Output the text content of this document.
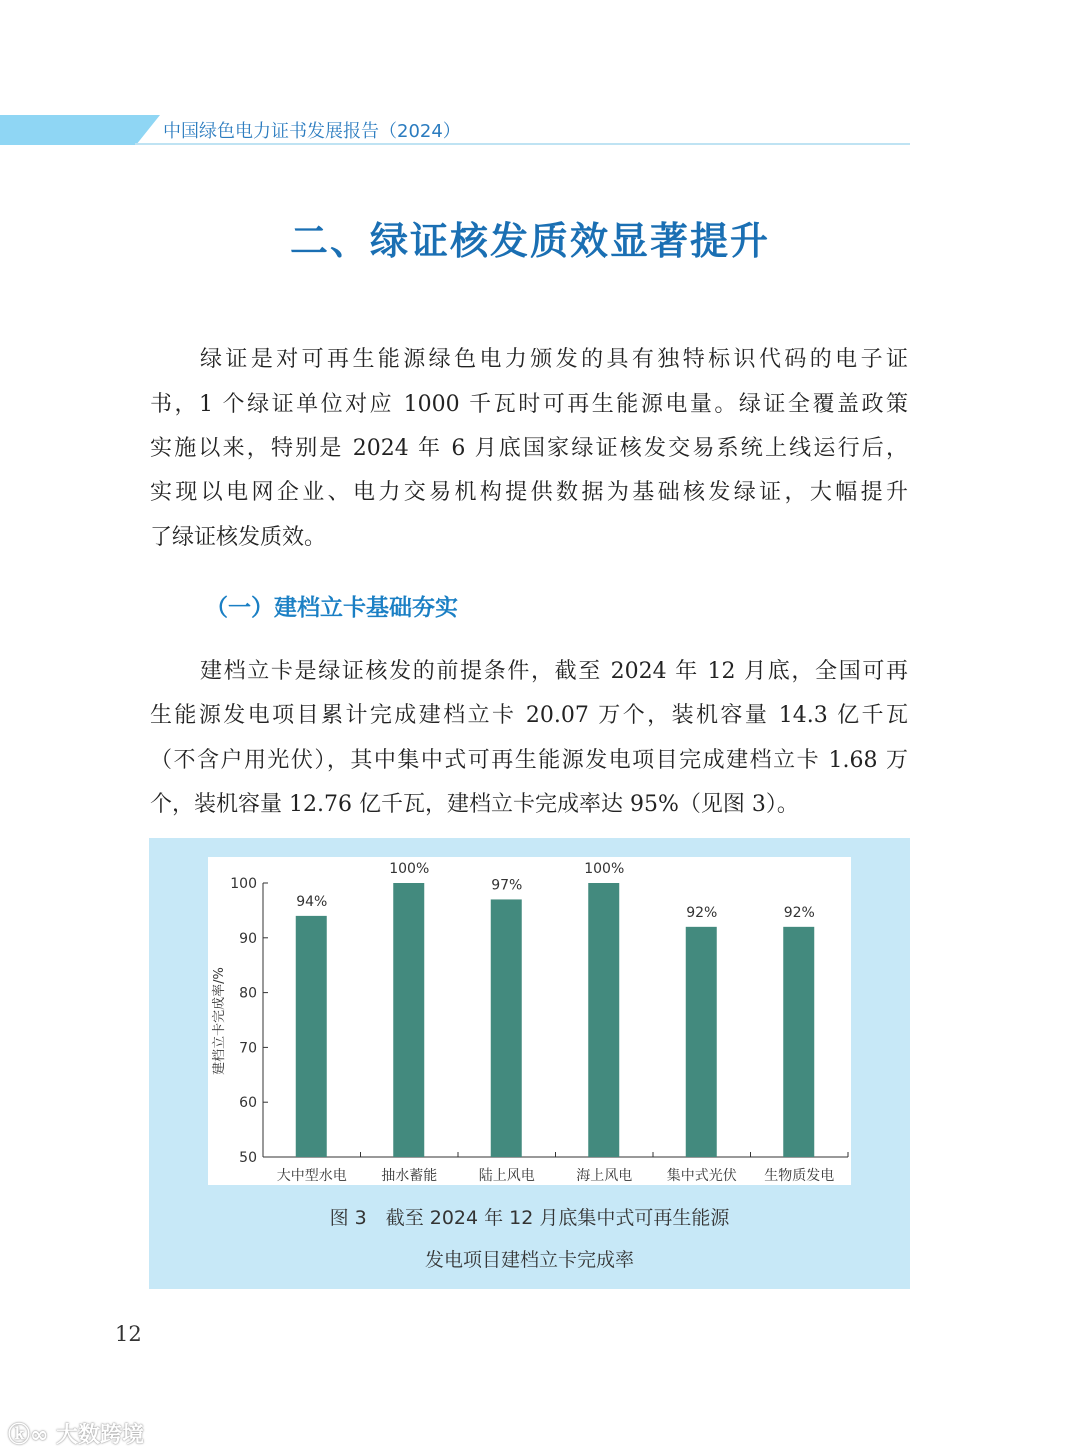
中国绿色电力证书发展报告（2024）
二、绿证核发质效显著提升
绿证是对可再生能源绿色电力颁发的具有独特标识代码的电子证
书，1 个绿证单位对应 1000 千瓦时可再生能源电量。绿证全覆盖政策
实施以来，特别是 2024 年 6 月底国家绿证核发交易系统上线运行后，
实现以电网企业、电力交易机构提供数据为基础核发绿证，大幅提升
了绿证核发质效。
（一）建档立卡基础夯实
建档立卡是绿证核发的前提条件，截至 2024 年 12 月底，全国可再
生能源发电项目累计完成建档立卡 20.07 万个，装机容量 14.3 亿千瓦
（不含户用光伏），其中集中式可再生能源发电项目完成建档立卡 1.68 万
个，装机容量 12.76 亿千瓦，建档立卡完成率达 95%（见图 3）。
50
60
70
80
90
100
94%
大中型水电
100%
抽水蓄能
97%
陆上风电
100%
海上风电
92%
集中式光伏
92%
生物质发电
建档立卡完成率/%
图 3　截至 2024 年 12 月底集中式可再生能源
发电项目建档立卡完成率
12
ⓚ∞ 大数跨境
